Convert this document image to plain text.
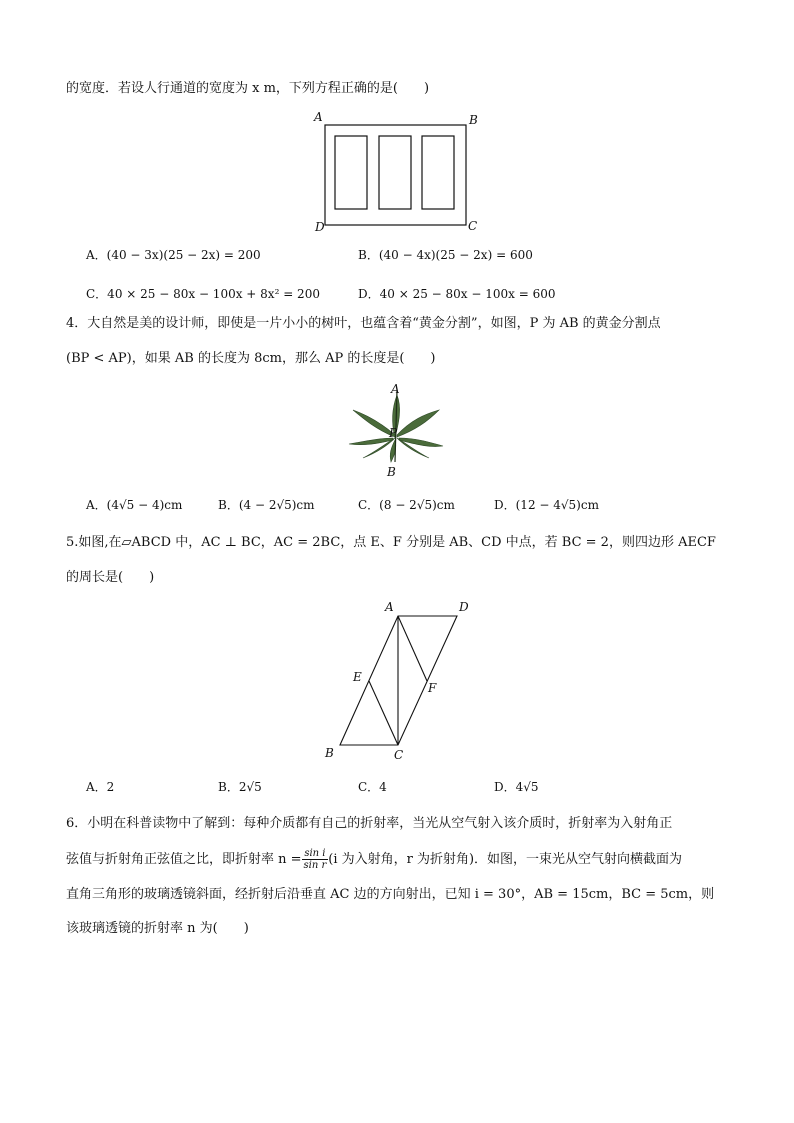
的宽度．若设人行通道的宽度为 x m，下列方程正确的是(　　)
A	B
D	C
A．(40 − 3x)(25 − 2x) = 200	B．(40 − 4x)(25 − 2x) = 600
C．40 × 25 − 80x − 100x + 8x² = 200	D．40 × 25 − 80x − 100x = 600
4．大自然是美的设计师，即使是一片小小的树叶，也蕴含着“黄金分割”，如图，P 为 AB 的黄金分割点
(BP < AP)，如果 AB 的长度为 8cm，那么 AP 的长度是(　　)
A
P
B
A．(4√5 − 4)cm	B．(4 − 2√5)cm	C．(8 − 2√5)cm	D．(12 − 4√5)cm
5.如图,在▱ABCD 中，AC ⊥ BC，AC = 2BC，点 E、F 分别是 AB、CD 中点，若 BC = 2，则四边形 AECF
的周长是(　　)
A	D
E
F
B	C
A．2	B．2√5	C．4	D．4√5
6．小明在科普读物中了解到：每种介质都有自己的折射率，当光从空气射入该介质时，折射率为入射角正
弦值与折射角正弦值之比，即折射率 $n = \frac{\text{sin i}}{\text{sin r}} (i$ 为入射角，r 为折射角)．如图，一束光从空气射向横截面为
直角三角形的玻璃透镜斜面，经折射后沿垂直 AC 边的方向射出，已知 i = 30°，AB = 15cm，BC = 5cm，则
该玻璃透镜的折射率 n 为(　　)
